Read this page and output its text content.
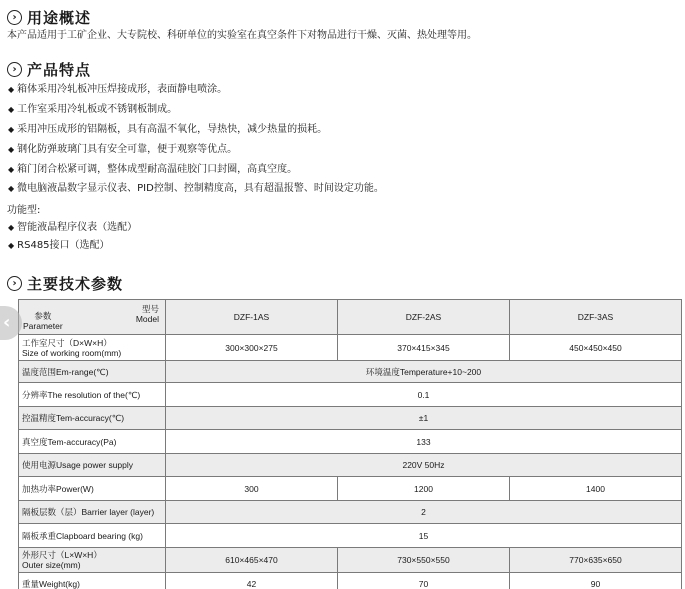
› 用途概述
本产品适用于工矿企业、大专院校、科研单位的实验室在真空条件下对物品进行干燥、灭菌、热处理等用。
› 产品特点
◆ 箱体采用冷轧板冲压焊接成形，表面静电喷涂。
◆ 工作室采用冷轧板或不锈钢板制成。
◆ 采用冲压成形的铝隔板，具有高温不氧化，导热快，减少热量的损耗。
◆ 钢化防弹玻璃门具有安全可靠，便于观察等优点。
◆ 箱门闭合松紧可调，整体成型耐高温硅胶门口封圈，高真空度。
◆ 微电脑液晶数字显示仪表、PID控制、控制精度高，具有超温报警、时间设定功能。
功能型:
◆ 智能液晶程序仪表（选配）
◆ RS485接口（选配）
› 主要技术参数
型号
Model
参数
Parameter	DZF-1AS	DZF-2AS	DZF-3AS

工作室尺寸（D×W×H）
Size of working room(mm)	300×300×275	370×415×345	450×450×450
温度范围Em-range(℃)	环境温度Temperature+10~200		
分辨率The resolution of the(℃)	0.1		
控温精度Tem-accuracy(℃)	±1		
真空度Tem-accuracy(Pa)	133		
使用电源Usage power supply	220V 50Hz		
加热功率Power(W)	300	1200	1400
隔板层数（层）Barrier layer (layer)	2		
隔板承重Clapboard bearing (kg)	15		

外形尺寸（L×W×H）
Outer size(mm)	610×465×470	730×550×550	770×635×650
重量Weight(kg)	42	70	90
‹
